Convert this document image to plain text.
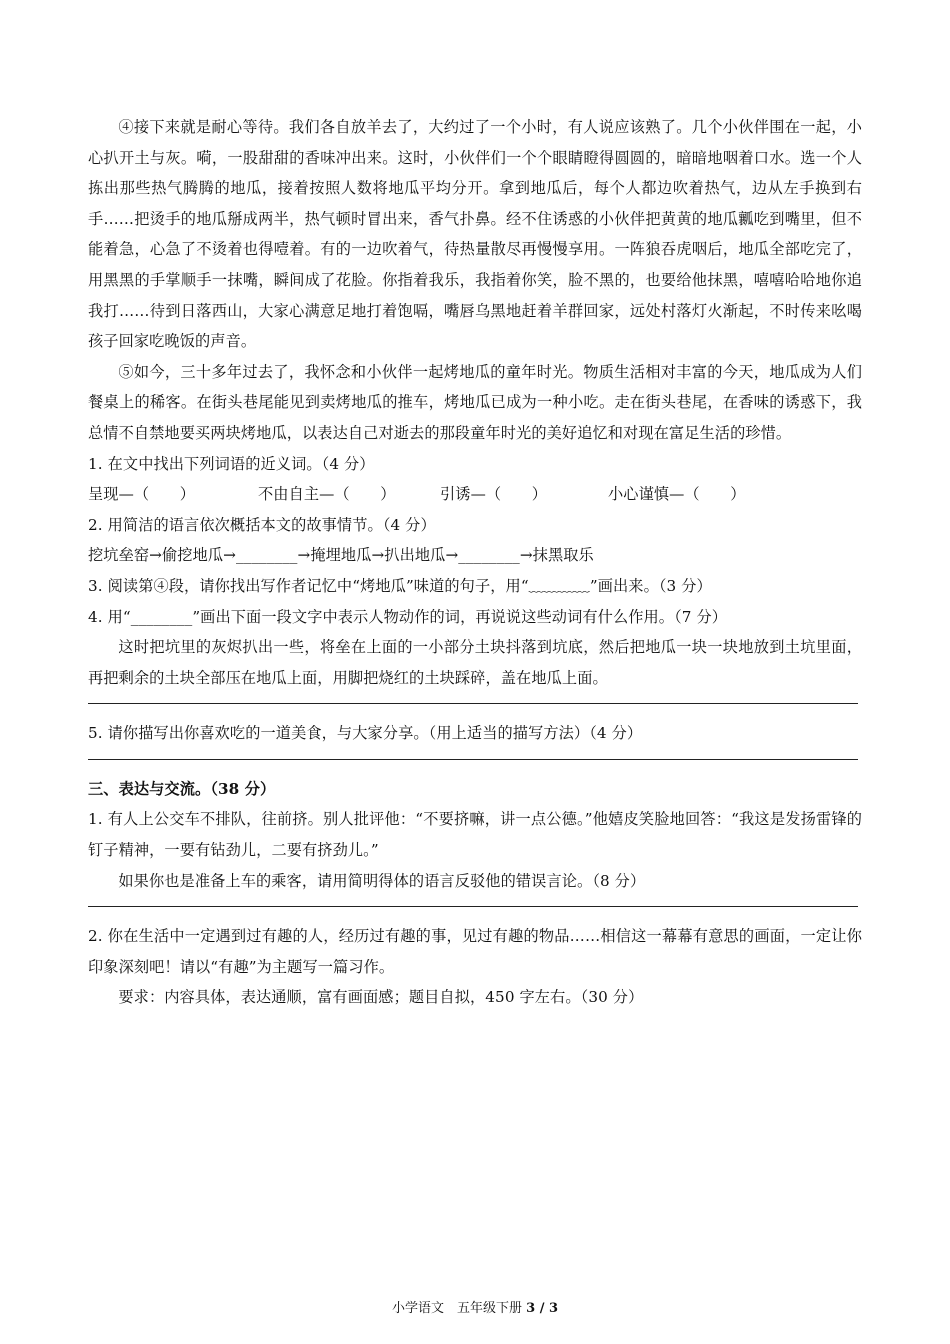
④接下来就是耐心等待。我们各自放羊去了，大约过了一个小时，有人说应该熟了。几个小伙伴围在一起，小心扒开土与灰。嗬，一股甜甜的香味冲出来。这时，小伙伴们一个个眼睛瞪得圆圆的，暗暗地咽着口水。选一个人拣出那些热气腾腾的地瓜，接着按照人数将地瓜平均分开。拿到地瓜后，每个人都边吹着热气，边从左手换到右手……把烫手的地瓜掰成两半，热气顿时冒出来，香气扑鼻。经不住诱惑的小伙伴把黄黄的地瓜瓤吃到嘴里，但不能着急，心急了不烫着也得噎着。有的一边吹着气，待热量散尽再慢慢享用。一阵狼吞虎咽后，地瓜全部吃完了，用黑黑的手掌顺手一抹嘴，瞬间成了花脸。你指着我乐，我指着你笑，脸不黑的，也要给他抹黑，嘻嘻哈哈地你追我打……待到日落西山，大家心满意足地打着饱嗝，嘴唇乌黑地赶着羊群回家，远处村落灯火渐起，不时传来吆喝孩子回家吃晚饭的声音。

⑤如今，三十多年过去了，我怀念和小伙伴一起烤地瓜的童年时光。物质生活相对丰富的今天，地瓜成为人们餐桌上的稀客。在街头巷尾能见到卖烤地瓜的推车，烤地瓜已成为一种小吃。走在街头巷尾，在香味的诱惑下，我总情不自禁地要买两块烤地瓜，以表达自己对逝去的那段童年时光的美好追忆和对现在富足生活的珍惜。

1. 在文中找出下列词语的近义词。（4 分）

呈现—（　　）	不由自主—（　　）	引诱—（　　）	小心谨慎—（　　）

2. 用简洁的语言依次概括本文的故事情节。（4 分）

挖坑垒窑→偷挖地瓜→________→掩埋地瓜→扒出地瓜→________→抹黑取乐

3. 阅读第④段，请你找出写作者记忆中“烤地瓜”味道的句子，用“﹏﹏﹏﹏”画出来。（3 分）

4. 用“________”画出下面一段文字中表示人物动作的词，再说说这些动词有什么作用。（7 分）

这时把坑里的灰烬扒出一些，将垒在上面的一小部分土块抖落到坑底，然后把地瓜一块一块地放到土坑里面，再把剩余的土块全部压在地瓜上面，用脚把烧红的土块踩碎，盖在地瓜上面。

5. 请你描写出你喜欢吃的一道美食，与大家分享。（用上适当的描写方法）（4 分）

三、表达与交流。（38 分）

1. 有人上公交车不排队，往前挤。别人批评他：“不要挤嘛，讲一点公德。”他嬉皮笑脸地回答：“我这是发扬雷锋的钉子精神，一要有钻劲儿，二要有挤劲儿。”

如果你也是准备上车的乘客，请用简明得体的语言反驳他的错误言论。（8 分）

2. 你在生活中一定遇到过有趣的人，经历过有趣的事，见过有趣的物品……相信这一幕幕有意思的画面，一定让你印象深刻吧！请以“有趣”为主题写一篇习作。

要求：内容具体，表达通顺，富有画面感；题目自拟，450 字左右。（30 分）

小学语文　五年级下册 3 / 3
